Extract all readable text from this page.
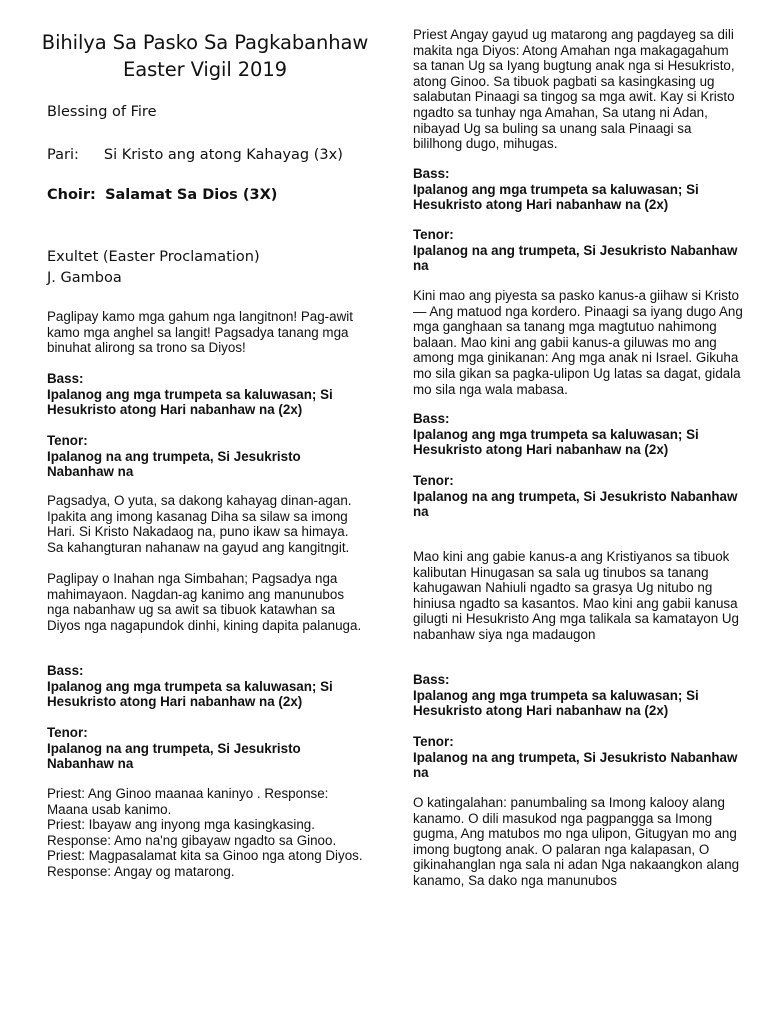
Bihilya Sa Pasko Sa Pagkabanhaw
Easter Vigil 2019
Blessing of Fire
Pari: Si Kristo ang atong Kahayag (3x)
Choir: Salamat Sa Dios (3X)
Exultet (Easter Proclamation)
J. Gamboa

Paglipay kamo mga gahum nga langitnon! Pag-awit kamo mga anghel sa langit! Pagsadya tanang mga binuhat alirong sa trono sa Diyos!

Bass:

Ipalanog ang mga trumpeta sa kaluwasan; Si Hesukristo atong Hari nabanhaw na (2x)

Tenor:

Ipalanog na ang trumpeta, Si Jesukristo Nabanhaw na

Pagsadya, O yuta, sa dakong kahayag dinan-agan. Ipakita ang imong kasanag Diha sa silaw sa imong Hari. Si Kristo Nakadaog na, puno ikaw sa himaya. Sa kahangturan nahanaw na gayud ang kangitngit.

Paglipay o Inahan nga Simbahan; Pagsadya nga mahimayaon. Nagdan-ag kanimo ang manunubos nga nabanhaw ug sa awit sa tibuok katawhan sa Diyos nga nagapundok dinhi, kining dapita palanuga.

Bass:

Ipalanog ang mga trumpeta sa kaluwasan; Si Hesukristo atong Hari nabanhaw na (2x)

Tenor:

Ipalanog na ang trumpeta, Si Jesukristo Nabanhaw na

Priest: Ang Ginoo maanaa kaninyo . Response: Maana usab kanimo.

Priest: Ibayaw ang inyong mga kasingkasing.

Response: Amo na'ng gibayaw ngadto sa Ginoo.

Priest: Magpasalamat kita sa Ginoo nga atong Diyos.

Response: Angay og matarong.

Priest Angay gayud ug matarong ang pagdayeg sa dili makita nga Diyos: Atong Amahan nga makagagahum sa tanan Ug sa Iyang bugtung anak nga si Hesukristo, atong Ginoo. Sa tibuok pagbati sa kasingkasing ug salabutan Pinaagi sa tingog sa mga awit. Kay si Kristo ngadto sa tunhay nga Amahan, Sa utang ni Adan, nibayad Ug sa buling sa unang sala Pinaagi sa bililhong dugo, mihugas.

Bass:

Ipalanog ang mga trumpeta sa kaluwasan; Si Hesukristo atong Hari nabanhaw na (2x)

Tenor:

Ipalanog na ang trumpeta, Si Jesukristo Nabanhaw na

Kini mao ang piyesta sa pasko kanus-a giihaw si Kristo— Ang matuod nga kordero. Pinaagi sa iyang dugo Ang mga ganghaan sa tanang mga magtutuo nahimong balaan. Mao kini ang gabii kanus-a giluwas mo ang among mga ginikanan: Ang mga anak ni Israel. Gikuha mo sila gikan sa pagka-ulipon Ug latas sa dagat, gidala mo sila nga wala mabasa.

Bass:

Ipalanog ang mga trumpeta sa kaluwasan; Si Hesukristo atong Hari nabanhaw na (2x)

Tenor:

Ipalanog na ang trumpeta, Si Jesukristo Nabanhaw na

Mao kini ang gabie kanus-a ang Kristiyanos sa tibuok kalibutan Hinugasan sa sala ug tinubos sa tanang kahugawan Nahiuli ngadto sa grasya Ug nitubo ng hiniusa ngadto sa kasantos. Mao kini ang gabii kanusa gilugti ni Hesukristo Ang mga talikala sa kamatayon Ug nabanhaw siya nga madaugon

Bass:

Ipalanog ang mga trumpeta sa kaluwasan; Si Hesukristo atong Hari nabanhaw na (2x)

Tenor:

Ipalanog na ang trumpeta, Si Jesukristo Nabanhaw na

O katingalahan: panumbaling sa Imong kalooy alang kanamo. O dili masukod nga pagpangga sa Imong gugma, Ang matubos mo nga ulipon, Gitugyan mo ang imong bugtong anak. O palaran nga kalapasan, O gikinahanglan nga sala ni adan Nga nakaangkon alang kanamo, Sa dako nga manunubos
